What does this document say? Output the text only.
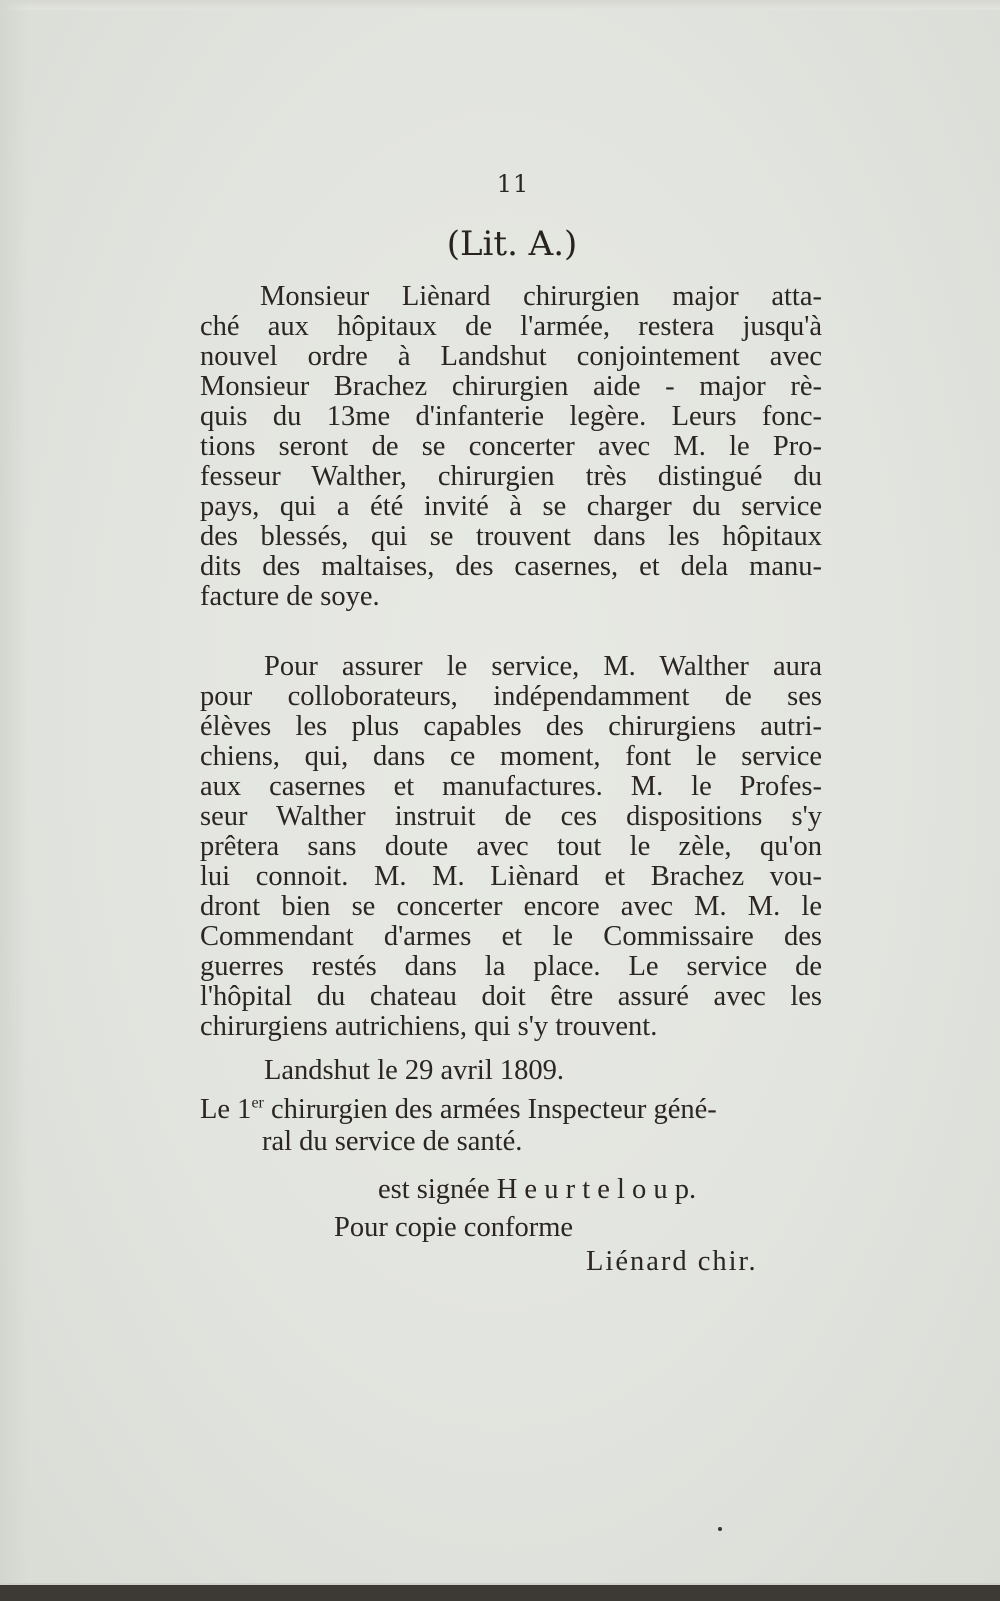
11
(Lit. A.)
Monsieur Liènard chirurgien major atta-
ché aux hôpitaux de l'armée, restera jusqu'à
nouvel ordre à Landshut conjointement avec
Monsieur Brachez chirurgien aide - major rè-
quis du 13me d'infanterie legère. Leurs fonc-
tions seront de se concerter avec M. le Pro-
fesseur Walther, chirurgien très distingué du
pays, qui a été invité à se charger du service
des blessés, qui se trouvent dans les hôpitaux
dits des maltaises, des casernes, et dela manu-
facture de soye.
Pour assurer le service, M. Walther aura
pour colloborateurs, indépendamment de ses
élèves les plus capables des chirurgiens autri-
chiens, qui, dans ce moment, font le service
aux casernes et manufactures. M. le Profes-
seur Walther instruit de ces dispositions s'y
prêtera sans doute avec tout le zèle, qu'on
lui connoit. M. M. Liènard et Brachez vou-
dront bien se concerter encore avec M. M. le
Commendant d'armes et le Commissaire des
guerres restés dans la place. Le service de
l'hôpital du chateau doit être assuré avec les
chirurgiens autrichiens, qui s'y trouvent.
Landshut le 29 avril 1809.
Le 1er chirurgien des armées Inspecteur géné-
ral du service de santé.
est signée H e u r t e l o u p.
Pour copie conforme
Liénard chir.
